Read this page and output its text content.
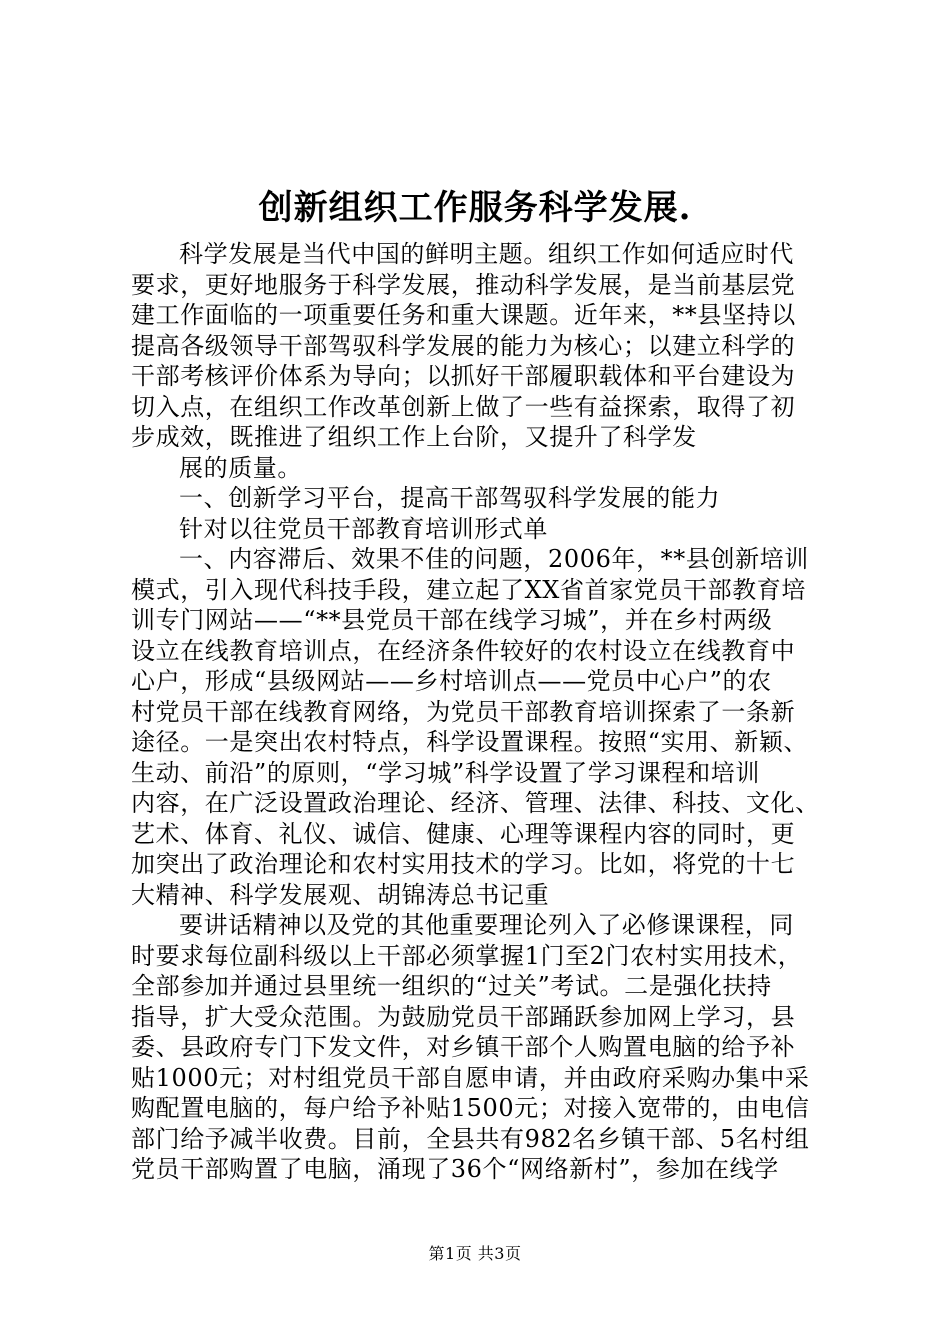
创新组织工作服务科学发展.

科学发展是当代中国的鲜明主题。组织工作如何适应时代
要求，更好地服务于科学发展，推动科学发展，是当前基层党
建工作面临的一项重要任务和重大课题。近年来，**县坚持以
提高各级领导干部驾驭科学发展的能力为核心；以建立科学的
干部考核评价体系为导向；以抓好干部履职载体和平台建设为
切入点，在组织工作改革创新上做了一些有益探索，取得了初
步成效，既推进了组织工作上台阶，又提升了科学发

展的质量。

一、创新学习平台，提高干部驾驭科学发展的能力

针对以往党员干部教育培训形式单

一、内容滞后、效果不佳的问题，2006年，**县创新培训
模式，引入现代科技手段，建立起了XX省首家党员干部教育培
训专门网站——“**县党员干部在线学习城”，并在乡村两级
设立在线教育培训点，在经济条件较好的农村设立在线教育中
心户，形成“县级网站——乡村培训点——党员中心户”的农
村党员干部在线教育网络，为党员干部教育培训探索了一条新
途径。一是突出农村特点，科学设置课程。按照“实用、新颖、
生动、前沿”的原则，“学习城”科学设置了学习课程和培训
内容，在广泛设置政治理论、经济、管理、法律、科技、文化、
艺术、体育、礼仪、诚信、健康、心理等课程内容的同时，更
加突出了政治理论和农村实用技术的学习。比如，将党的十七
大精神、科学发展观、胡锦涛总书记重

要讲话精神以及党的其他重要理论列入了必修课课程，同
时要求每位副科级以上干部必须掌握1门至2门农村实用技术，
全部参加并通过县里统一组织的“过关”考试。二是强化扶持
指导，扩大受众范围。为鼓励党员干部踊跃参加网上学习，县
委、县政府专门下发文件，对乡镇干部个人购置电脑的给予补
贴1000元；对村组党员干部自愿申请，并由政府采购办集中采
购配置电脑的，每户给予补贴1500元；对接入宽带的，由电信
部门给予减半收费。目前，全县共有982名乡镇干部、5名村组
党员干部购置了电脑，涌现了36个“网络新村”，参加在线学

第1页 共3页
